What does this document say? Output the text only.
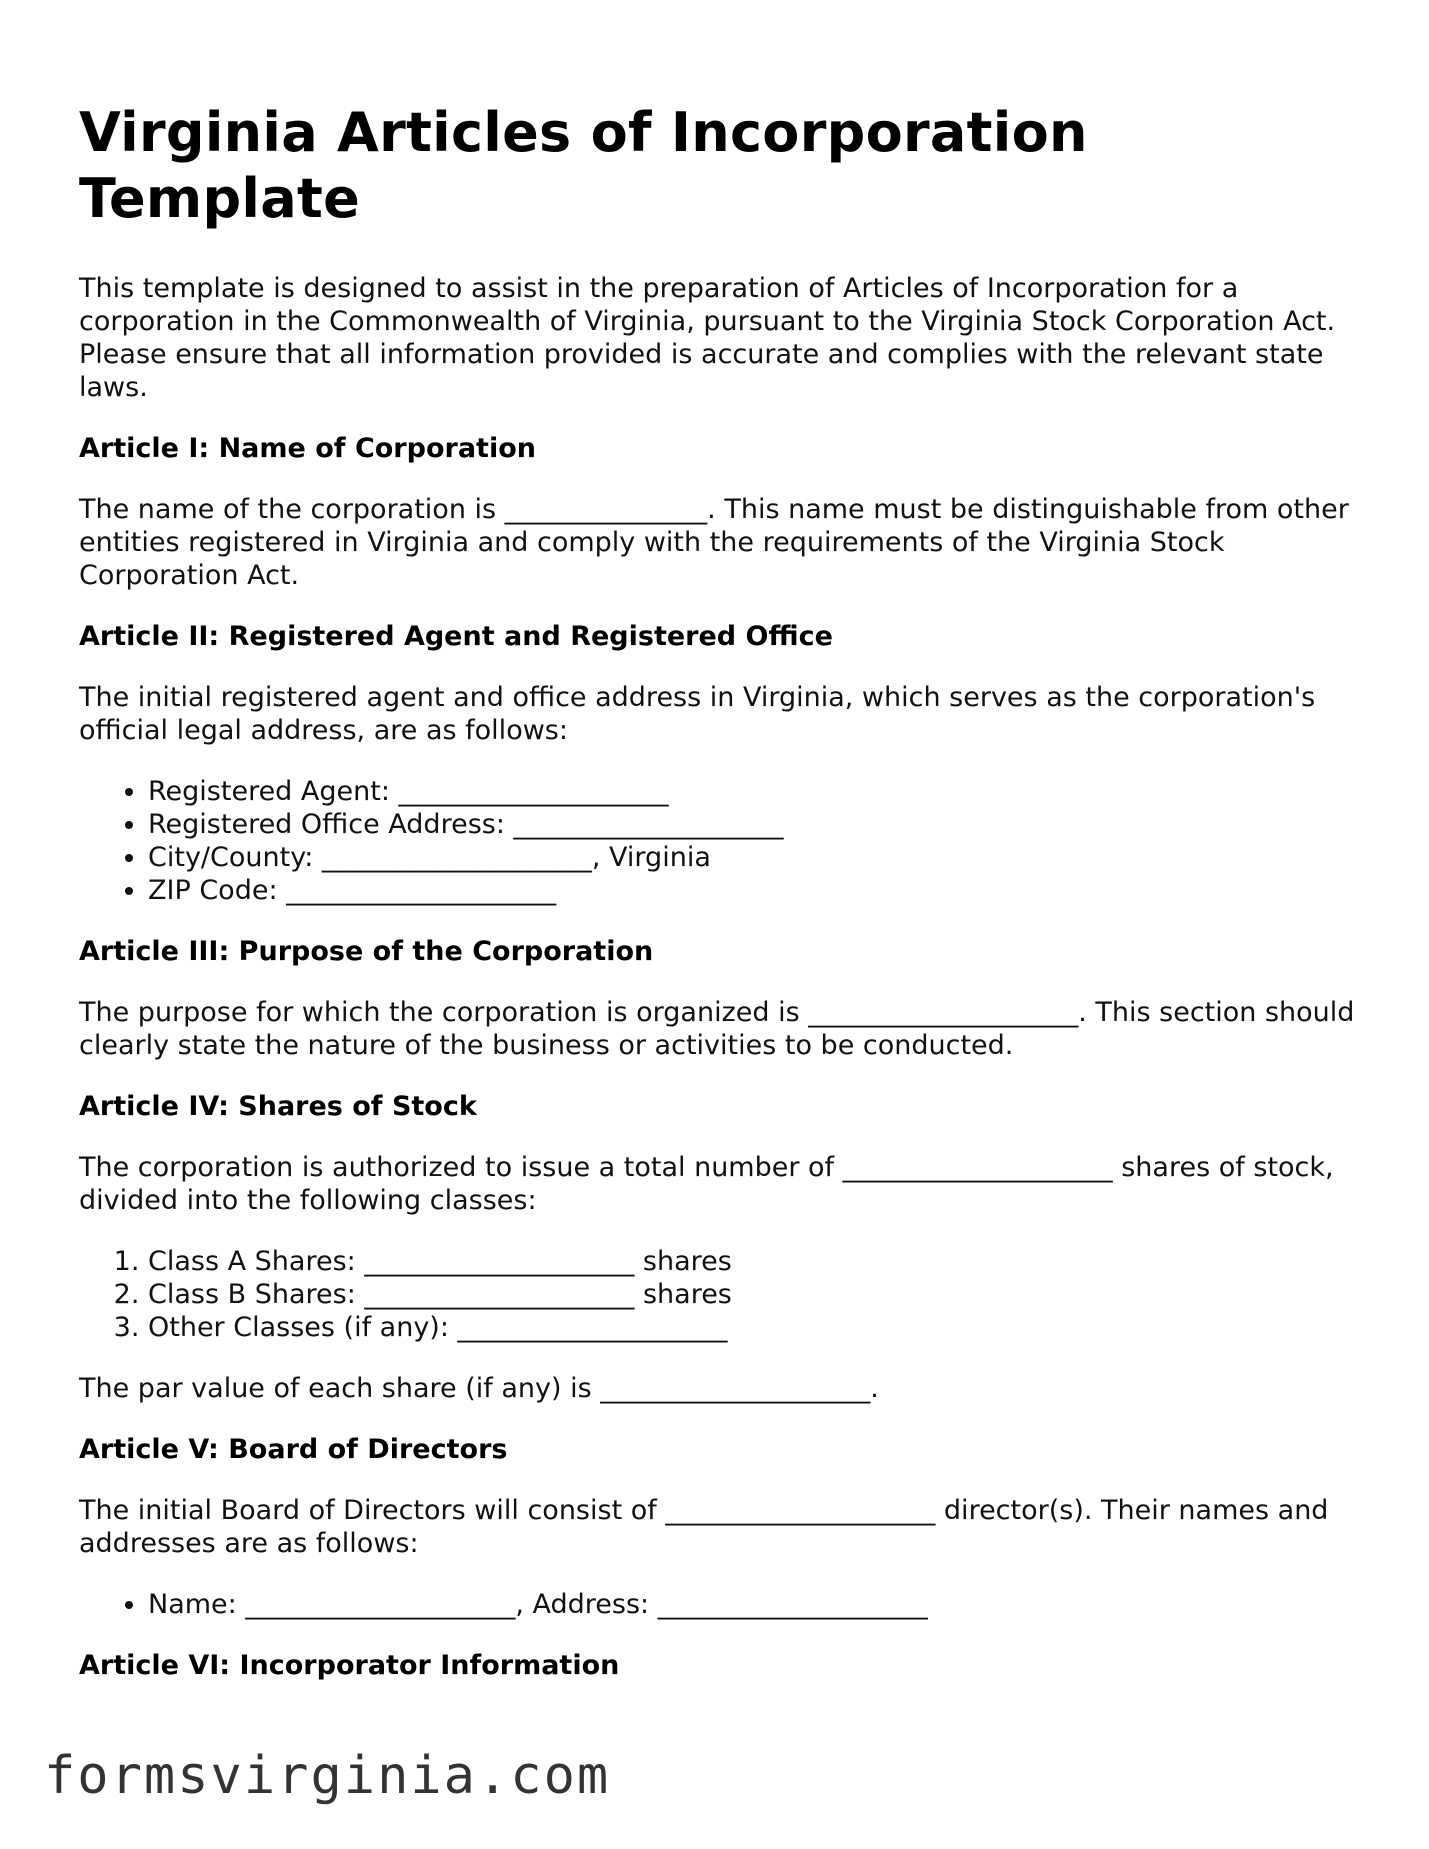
Virginia Articles of Incorporation Template

This template is designed to assist in the preparation of Articles of Incorporation for a corporation in the Commonwealth of Virginia, pursuant to the Virginia Stock Corporation Act. Please ensure that all information provided is accurate and complies with the relevant state laws.

Article I: Name of Corporation

The name of the corporation is _______________. This name must be distinguishable from other entities registered in Virginia and comply with the requirements of the Virginia Stock Corporation Act.

Article II: Registered Agent and Registered Office

The initial registered agent and office address in Virginia, which serves as the corporation's official legal address, are as follows:

• Registered Agent: ____________________
• Registered Office Address: ____________________
• City/County: ____________________, Virginia
• ZIP Code: ____________________
Article III: Purpose of the Corporation

The purpose for which the corporation is organized is ____________________. This section should clearly state the nature of the business or activities to be conducted.

Article IV: Shares of Stock

The corporation is authorized to issue a total number of ____________________ shares of stock, divided into the following classes:

1. Class A Shares: ____________________ shares
2. Class B Shares: ____________________ shares
3. Other Classes (if any): ____________________

The par value of each share (if any) is ____________________.

Article V: Board of Directors

The initial Board of Directors will consist of ____________________ director(s). Their names and addresses are as follows:

• Name: ____________________, Address: ____________________
Article VI: Incorporator Information
formsvirginia.com
